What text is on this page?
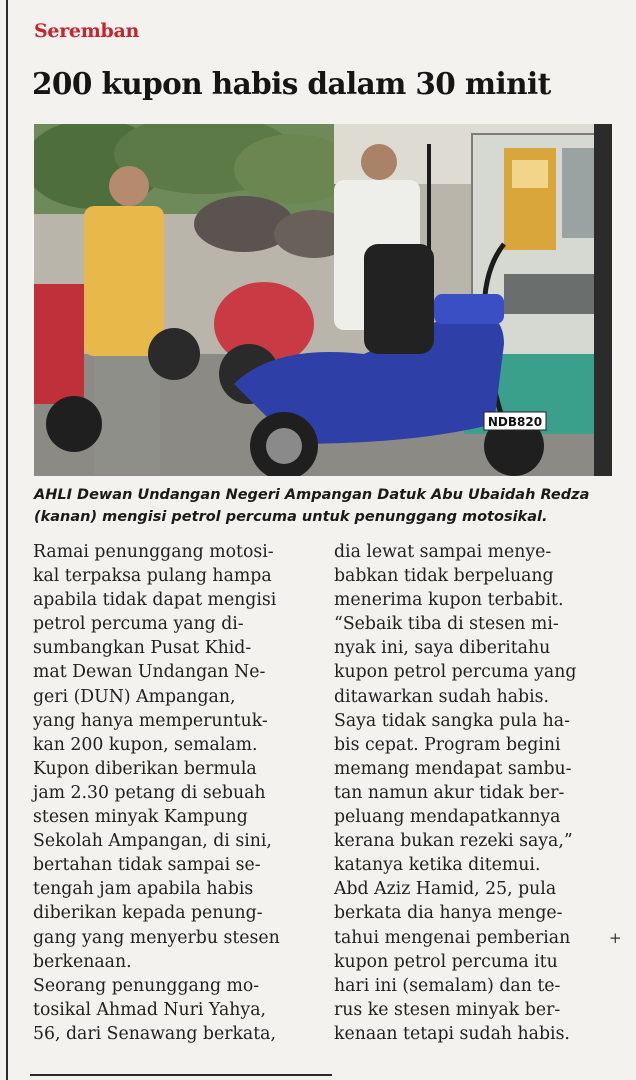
Seremban
200 kupon habis dalam 30 minit
NDB820
AHLI Dewan Undangan Negeri Ampangan Datuk Abu Ubaidah Redza
(kanan) mengisi petrol percuma untuk penunggang motosikal.
Ramai penunggang motosi-
kal terpaksa pulang hampa
apabila tidak dapat mengisi
petrol percuma yang di-
sumbangkan Pusat Khid-
mat Dewan Undangan Ne-
geri (DUN) Ampangan,
yang hanya memperuntuk-
kan 200 kupon, semalam.
Kupon diberikan bermula
jam 2.30 petang di sebuah
stesen minyak Kampung
Sekolah Ampangan, di sini,
bertahan tidak sampai se-
tengah jam apabila habis
diberikan kepada penung-
gang yang menyerbu stesen
berkenaan.
Seorang penunggang mo-
tosikal Ahmad Nuri Yahya,
56, dari Senawang berkata,
dia lewat sampai menye-
babkan tidak berpeluang
menerima kupon terbabit.
“Sebaik tiba di stesen mi-
nyak ini, saya diberitahu
kupon petrol percuma yang
ditawarkan sudah habis.
Saya tidak sangka pula ha-
bis cepat. Program begini
memang mendapat sambu-
tan namun akur tidak ber-
peluang mendapatkannya
kerana bukan rezeki saya,”
katanya ketika ditemui.
Abd Aziz Hamid, 25, pula
berkata dia hanya menge-
tahui mengenai pemberian
kupon petrol percuma itu
hari ini (semalam) dan te-
rus ke stesen minyak ber-
kenaan tetapi sudah habis.
+
